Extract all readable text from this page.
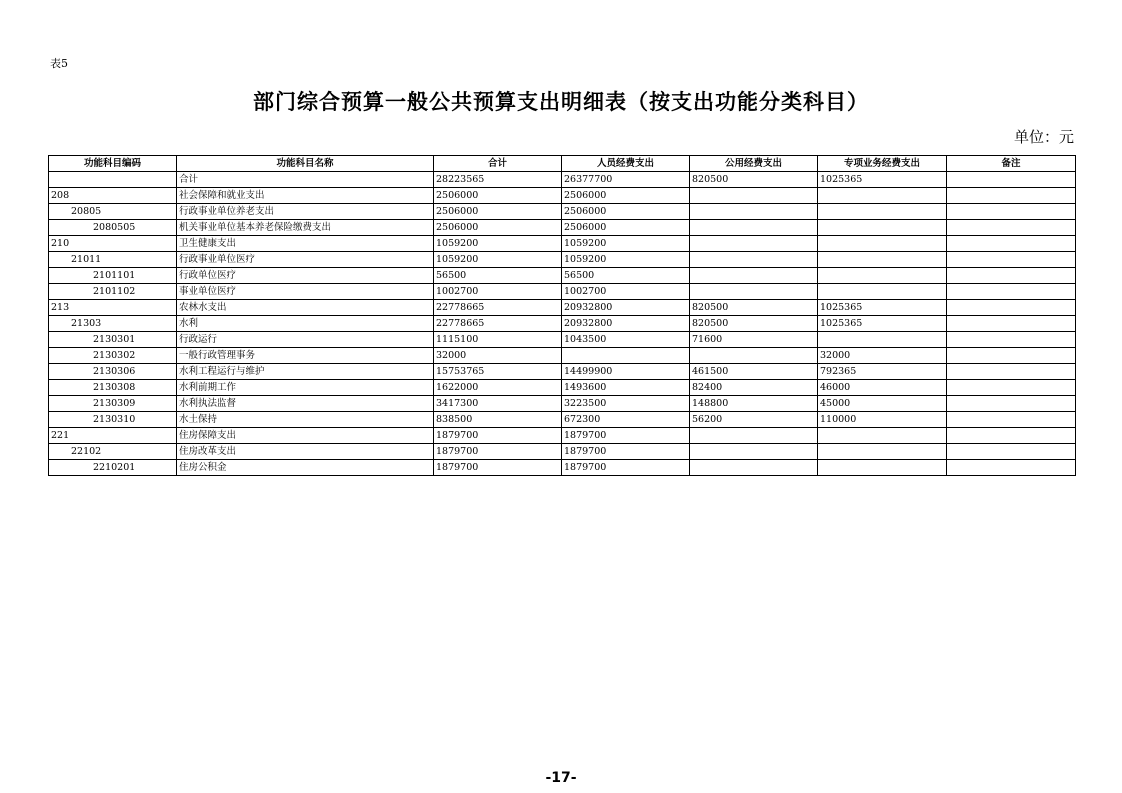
表5
部门综合预算一般公共预算支出明细表（按支出功能分类科目）
单位：元
功能科目编码	功能科目名称	合计	人员经费支出	公用经费支出	专项业务经费支出	备注
	合计	28223565	26377700	820500	1025365	
208	社会保障和就业支出	2506000	2506000			
20805	行政事业单位养老支出	2506000	2506000			
2080505	机关事业单位基本养老保险缴费支出	2506000	2506000			
210	卫生健康支出	1059200	1059200			
21011	行政事业单位医疗	1059200	1059200			
2101101	行政单位医疗	56500	56500			
2101102	事业单位医疗	1002700	1002700			
213	农林水支出	22778665	20932800	820500	1025365	
21303	水利	22778665	20932800	820500	1025365	
2130301	行政运行	1115100	1043500	71600		
2130302	一般行政管理事务	32000			32000	
2130306	水利工程运行与维护	15753765	14499900	461500	792365	
2130308	水利前期工作	1622000	1493600	82400	46000	
2130309	水利执法监督	3417300	3223500	148800	45000	
2130310	水土保持	838500	672300	56200	110000	
221	住房保障支出	1879700	1879700			
22102	住房改革支出	1879700	1879700			
2210201	住房公积金	1879700	1879700			
-17-
